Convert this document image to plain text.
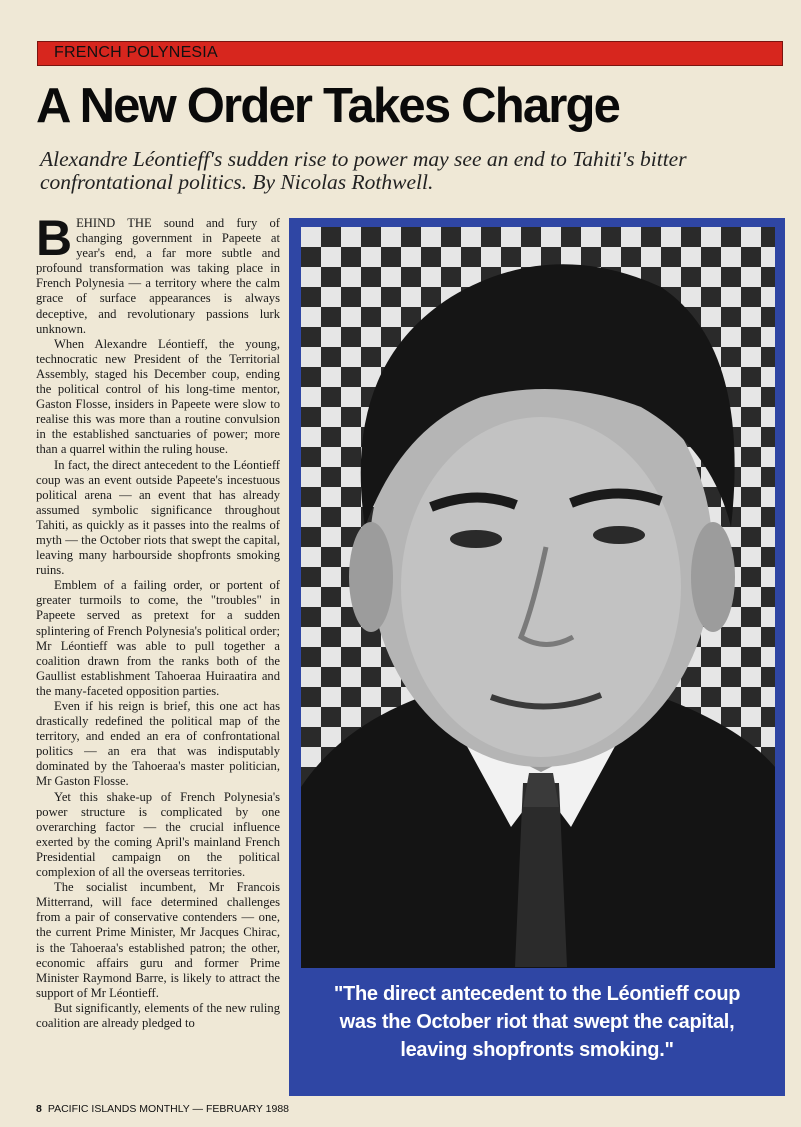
FRENCH POLYNESIA
A New Order Takes Charge

Alexandre Léontieff's sudden rise to power may see an end to Tahiti's bitter confrontational politics. By Nicolas Rothwell.

BEHIND THE sound and fury of changing government in Papeete at year's end, a far more subtle and profound transformation was taking place in French Polynesia — a territory where the calm grace of surface appearances is always deceptive, and revolutionary passions lurk unknown.

When Alexandre Léontieff, the young, technocratic new President of the Territorial Assembly, staged his December coup, ending the political control of his long-time mentor, Gaston Flosse, insiders in Papeete were slow to realise this was more than a routine convulsion in the established sanctuaries of power; more than a quarrel within the ruling house.

In fact, the direct antecedent to the Léontieff coup was an event outside Papeete's incestuous political arena — an event that has already assumed symbolic significance throughout Tahiti, as quickly as it passes into the realms of myth — the October riots that swept the capital, leaving many harbourside shopfronts smoking ruins.

Emblem of a failing order, or portent of greater turmoils to come, the "troubles" in Papeete served as pretext for a sudden splintering of French Polynesia's political order; Mr Léontieff was able to pull together a coalition drawn from the ranks both of the Gaullist establishment Tahoeraa Huiraatira and the many-faceted opposition parties.

Even if his reign is brief, this one act has drastically redefined the political map of the territory, and ended an era of confrontational politics — an era that was indisputably dominated by the Tahoeraa's master politician, Mr Gaston Flosse.

Yet this shake-up of French Polynesia's power structure is complicated by one overarching factor — the crucial influence exerted by the coming April's mainland French Presidential campaign on the political complexion of all the overseas territories.

The socialist incumbent, Mr Francois Mitterrand, will face determined challenges from a pair of conservative contenders — one, the current Prime Minister, Mr Jacques Chirac, is the Tahoeraa's established patron; the other, economic affairs guru and former Prime Minister Raymond Barre, is likely to attract the support of Mr Léontieff.

But significantly, elements of the new ruling coalition are already pledged to

"The direct antecedent to the Léontieff coup was the October riot that swept the capital, leaving shopfronts smoking."

8 PACIFIC ISLANDS MONTHLY — FEBRUARY 1988
